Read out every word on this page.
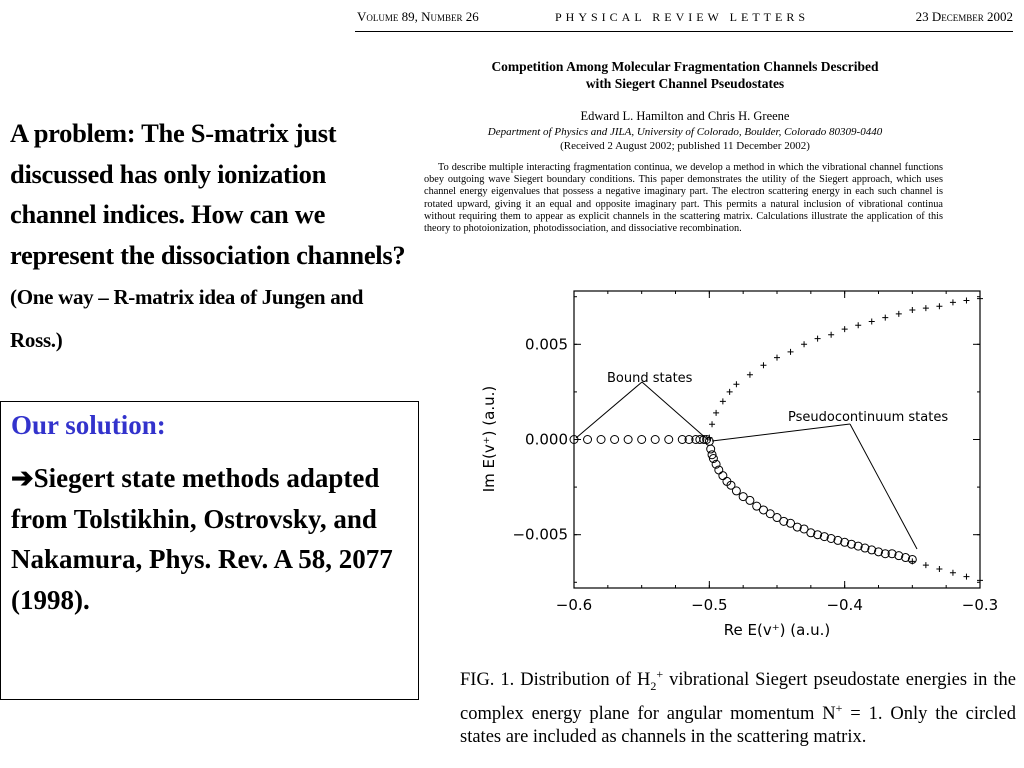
Volume 89, Number 26	PHYSICAL REVIEW LETTERS	23 December 2002
Competition Among Molecular Fragmentation Channels Described
with Siegert Channel Pseudostates
Edward L. Hamilton and Chris H. Greene
Department of Physics and JILA, University of Colorado, Boulder, Colorado 80309-0440
(Received 2 August 2002; published 11 December 2002)
To describe multiple interacting fragmentation continua, we develop a method in which the vibrational channel functions obey outgoing wave Siegert boundary conditions. This paper demonstrates the utility of the Siegert approach, which uses channel energy eigenvalues that possess a negative imaginary part. The electron scattering energy in each such channel is rotated upward, giving it an equal and opposite imaginary part. This permits a natural inclusion of vibrational continua without requiring them to appear as explicit channels in the scattering matrix. Calculations illustrate the application of this theory to photoionization, photodissociation, and dissociative recombination.
A problem: The S-matrix just discussed has only ionization channel indices. How can we represent the dissociation channels? (One way – R-matrix idea of Jungen and Ross.)
Our solution:
➔Siegert state methods adapted from Tolstikhin, Ostrovsky, and Nakamura, Phys. Rev. A 58, 2077 (1998).	−0.6	−0.5	−0.4	−0.3
−0.005
0.000
0.005
Bound states
Pseudocontinuum states
Re E(v⁺) (a.u.)
Im E(v⁺) (a.u.)
FIG. 1. Distribution of $H_2^+$ vibrational Siegert pseudostate energies in the complex energy plane for angular momentum N+ = 1. Only the circled states are included as channels in the scattering matrix.
